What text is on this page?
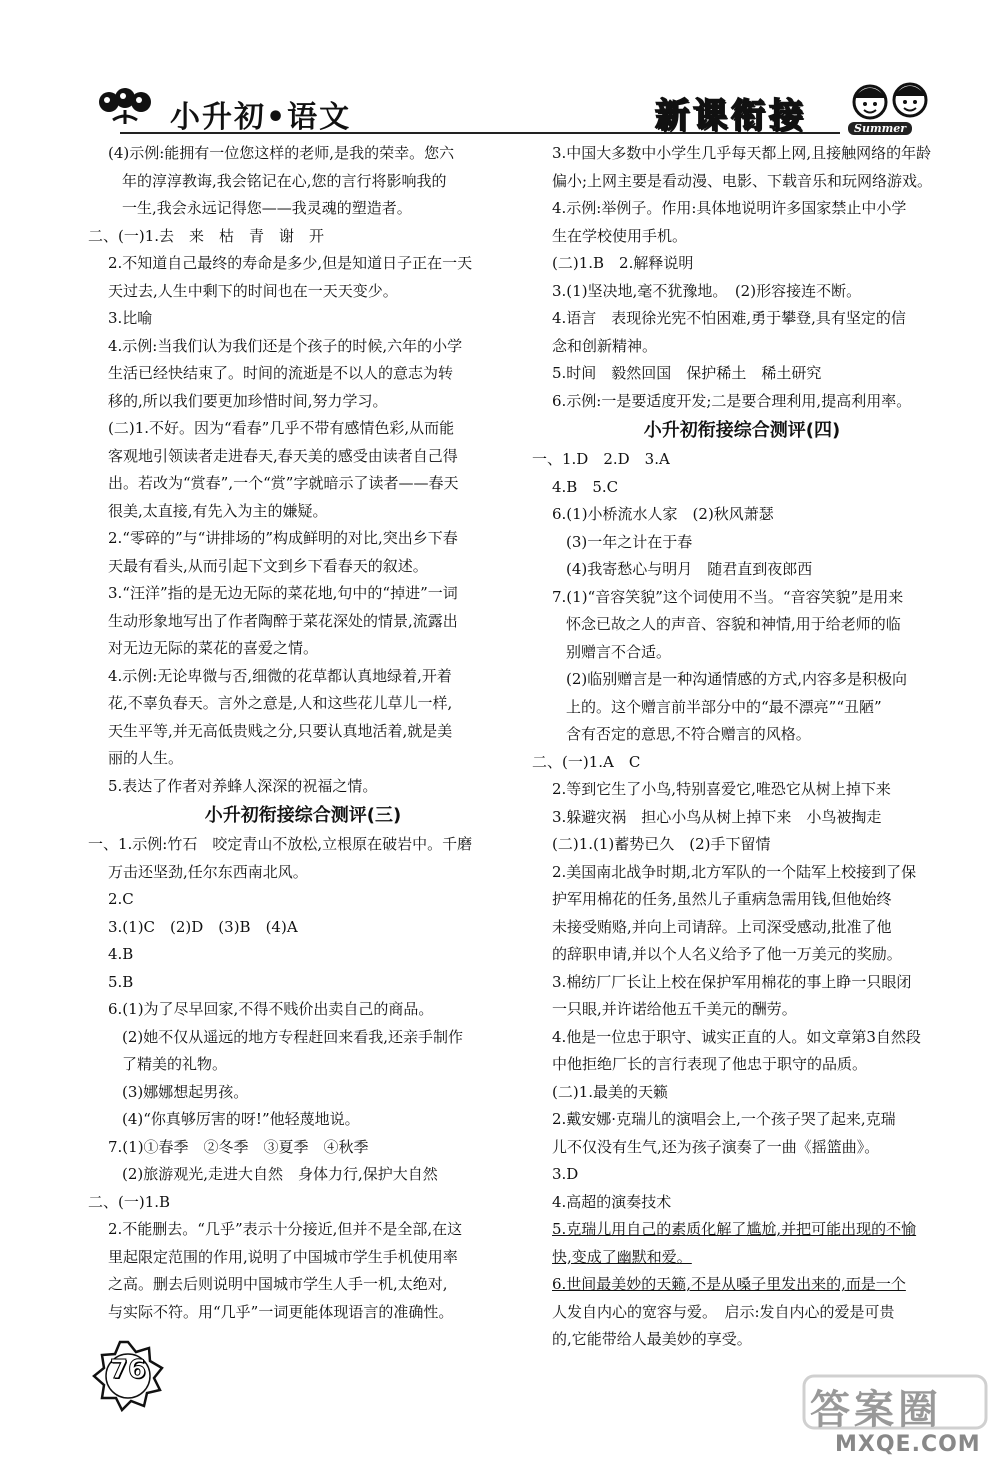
小升初•语文	新课衔接	Summer
(4)示例:能拥有一位您这样的老师,是我的荣幸。您六
年的淳淳教诲,我会铭记在心,您的言行将影响我的
一生,我会永远记得您——我灵魂的塑造者。
二、(一)1.去　来　枯　青　谢　开
2.不知道自己最终的寿命是多少,但是知道日子正在一天
天过去,人生中剩下的时间也在一天天变少。
3.比喻
4.示例:当我们认为我们还是个孩子的时候,六年的小学
生活已经快结束了。时间的流逝是不以人的意志为转
移的,所以我们要更加珍惜时间,努力学习。
(二)1.不好。因为“看春”几乎不带有感情色彩,从而能
客观地引领读者走进春天,春天美的感受由读者自己得
出。若改为“赏春”,一个“赏”字就暗示了读者——春天
很美,太直接,有先入为主的嫌疑。
2.“零碎的”与“讲排场的”构成鲜明的对比,突出乡下春
天最有看头,从而引起下文到乡下看春天的叙述。
3.“汪洋”指的是无边无际的菜花地,句中的“掉进”一词
生动形象地写出了作者陶醉于菜花深处的情景,流露出
对无边无际的菜花的喜爱之情。
4.示例:无论卑微与否,细微的花草都认真地绿着,开着
花,不辜负春天。言外之意是,人和这些花儿草儿一样,
天生平等,并无高低贵贱之分,只要认真地活着,就是美
丽的人生。
5.表达了作者对养蜂人深深的祝福之情。
小升初衔接综合测评(三)
一、1.示例:竹石　咬定青山不放松,立根原在破岩中。千磨
万击还坚劲,任尔东西南北风。
2.C
3.(1)C　(2)D　(3)B　(4)A
4.B
5.B
6.(1)为了尽早回家,不得不贱价出卖自己的商品。
(2)她不仅从遥远的地方专程赶回来看我,还亲手制作
了精美的礼物。
(3)娜娜想起男孩。
(4)“你真够厉害的呀!”他轻蔑地说。
7.(1)①春季　②冬季　③夏季　④秋季
(2)旅游观光,走进大自然　身体力行,保护大自然
二、(一)1.B
2.不能删去。“几乎”表示十分接近,但并不是全部,在这
里起限定范围的作用,说明了中国城市学生手机使用率
之高。删去后则说明中国城市学生人手一机,太绝对,
与实际不符。用“几乎”一词更能体现语言的准确性。
3.中国大多数中小学生几乎每天都上网,且接触网络的年龄
偏小;上网主要是看动漫、电影、下载音乐和玩网络游戏。
4.示例:举例子。作用:具体地说明许多国家禁止中小学
生在学校使用手机。
(二)1.B　2.解释说明
3.(1)坚决地,毫不犹豫地。　(2)形容接连不断。
4.语言　表现徐光宪不怕困难,勇于攀登,具有坚定的信
念和创新精神。
5.时间　毅然回国　保护稀土　稀土研究
6.示例:一是要适度开发;二是要合理利用,提高利用率。
小升初衔接综合测评(四)
一、1.D　2.D　3.A
4.B　5.C
6.(1)小桥流水人家　(2)秋风萧瑟
(3)一年之计在于春
(4)我寄愁心与明月　随君直到夜郎西
7.(1)“音容笑貌”这个词使用不当。“音容笑貌”是用来
怀念已故之人的声音、容貌和神情,用于给老师的临
别赠言不合适。
(2)临别赠言是一种沟通情感的方式,内容多是积极向
上的。这个赠言前半部分中的“最不漂亮”“丑陋”
含有否定的意思,不符合赠言的风格。
二、(一)1.A　C
2.等到它生了小鸟,特别喜爱它,唯恐它从树上掉下来
3.躲避灾祸　担心小鸟从树上掉下来　小鸟被掏走
(二)1.(1)蓄势已久　(2)手下留情
2.美国南北战争时期,北方军队的一个陆军上校接到了保
护军用棉花的任务,虽然儿子重病急需用钱,但他始终
未接受贿赂,并向上司请辞。上司深受感动,批准了他
的辞职申请,并以个人名义给予了他一万美元的奖励。
3.棉纺厂厂长让上校在保护军用棉花的事上睁一只眼闭
一只眼,并许诺给他五千美元的酬劳。
4.他是一位忠于职守、诚实正直的人。如文章第3自然段
中他拒绝厂长的言行表现了他忠于职守的品质。
(二)1.最美的天籁
2.戴安娜·克瑞儿的演唱会上,一个孩子哭了起来,克瑞
儿不仅没有生气,还为孩子演奏了一曲《摇篮曲》。
3.D
4.高超的演奏技术
5.克瑞儿用自己的素质化解了尴尬,并把可能出现的不愉
快,变成了幽默和爱。
6.世间最美妙的天籁,不是从嗓子里发出来的,而是一个
人发自内心的宽容与爱。　启示:发自内心的爱是可贵
的,它能带给人最美妙的享受。
76
答案圈
MXQE.COM
